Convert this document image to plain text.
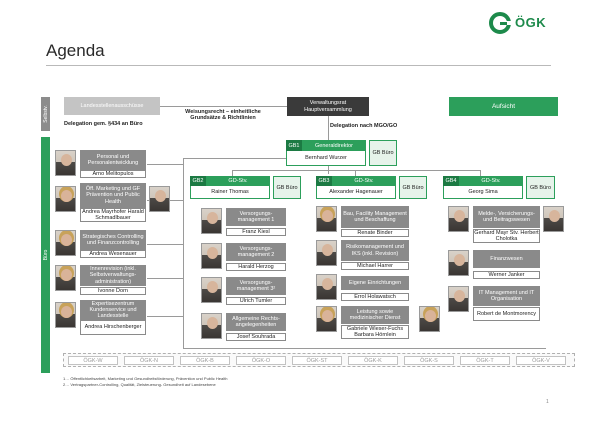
ÖGK
Agenda
Selbstv.
Büro
Landesstellenausschüsse
Delegation gem. §434 an Büro
Weisungsrecht – einheitliche Grundsätze & Richtlinien
Verwaltungsrat Hauptversammlung
Delegation nach MGO/GO
Aufsicht
GB1	Generaldirektor
Bernhard Wurzer
GB Büro
GB2	GD-Stv.
Rainer Thomas
GB Büro
GB3	GD-Stv.
Alexander Hagenauer
GB Büro
GB4	GD-Stv.
Georg Sima
GB Büro
Personal und Personalentwicklung
Arno Melitopulos
Öff. Marketing und GF Prävention und Public Health
Andrea Mayrhofer Harald Schmadlbauer
Strategisches Controlling und Finanzcontrolling
Andrea Wesenauer
Innenrevision (inkl. Selbstverwaltungs-administration)
Ivonne Dorn
Expertisezentrum Kundenservice und Landesstelle
Andrea Hirschenberger
Versorgungs-management 1
Franz Kiesl
Versorgungs-management 2
Harald Herzog
Versorgungs-management 3²
Ulrich Tumler
Allgemeine Rechts-angelegenheiten
Josef Souhrada
Bau, Facility Management und Beschaffung
Renate Binder
Risikomanagement und IKS (inkl. Revision)
Michael Harrer
Eigene Einrichtungen
Errol Holawatsch
Leistung sowie medizinischer Dienst
Gabriele Wieser-Fuchs Barbara Hörnlein
Melde-, Versicherungs- und Beitragswesen
Gerhard Mayr Stv. Herbert Cholotka
Finanzwesen
Werner Janker
IT Management und IT Organisation
Robert de Montmorency
ÖGK-W	ÖGK-N	ÖGK-B	ÖGK-O	ÖGK-ST	ÖGK-K	ÖGK-S	ÖGK-T	ÖGK-V
1… Öffentlichkeitsarbeit, Marketing und Gesundheitsförderung, Prävention und Public Health
2… Vertragspartner-Controlling, Qualität, Zielsteuerung- Gesundheit auf Landesebene
1
